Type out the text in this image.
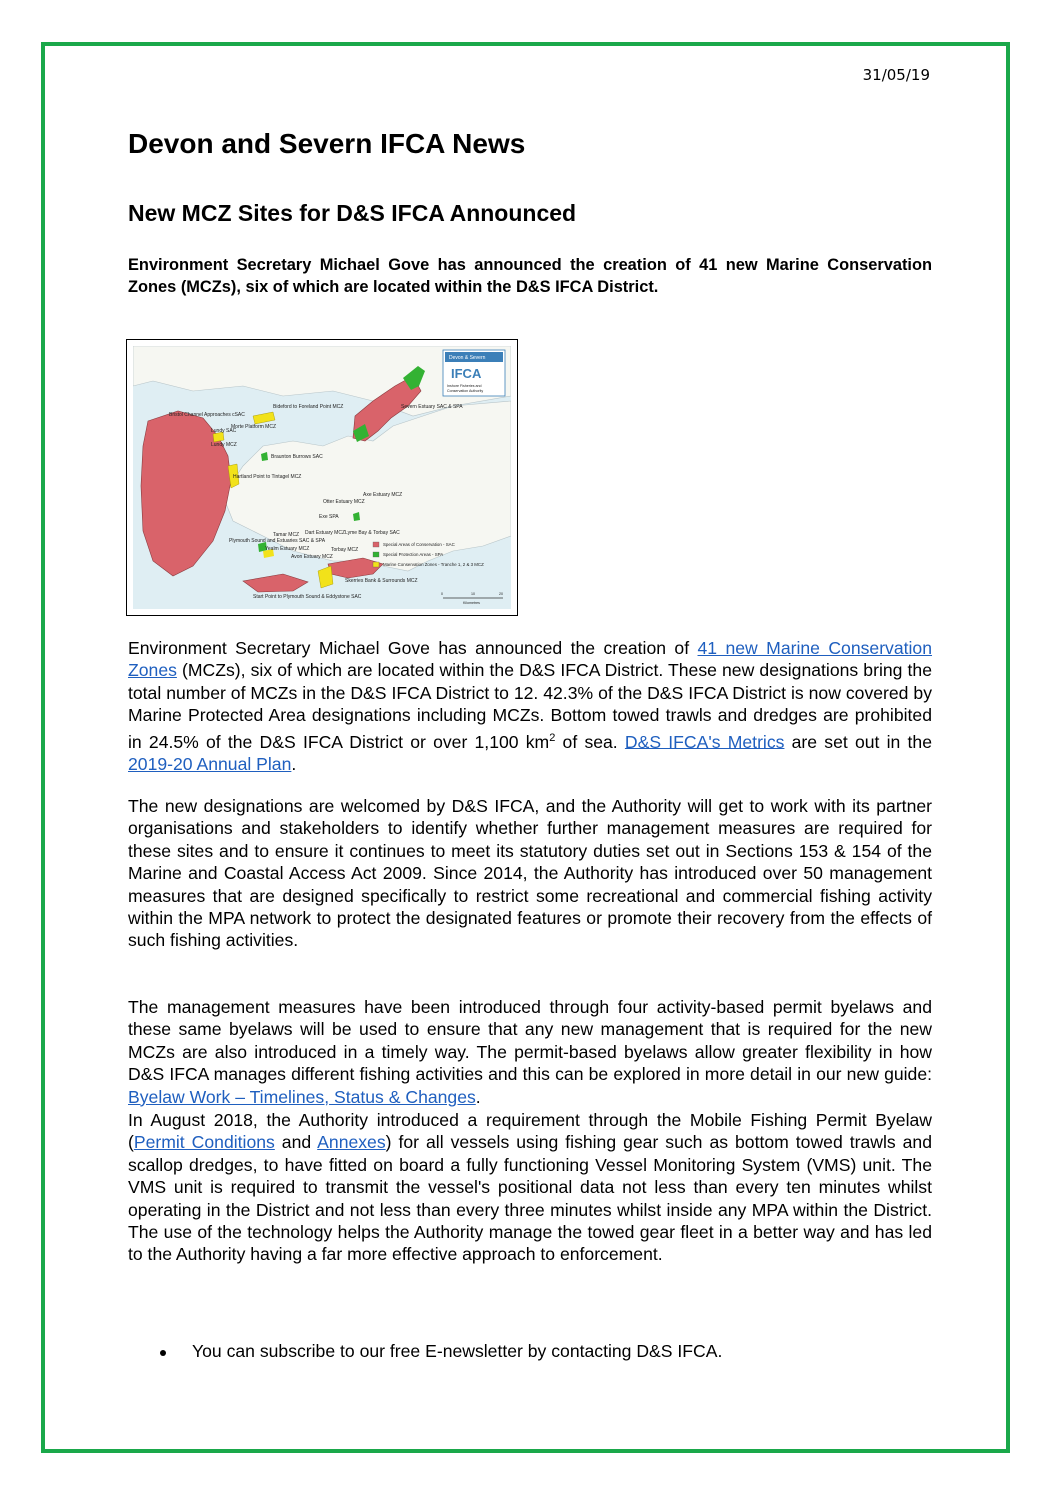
31/05/19
Devon and Severn IFCA News
New MCZ Sites for D&S IFCA Announced

Environment Secretary Michael Gove has announced the creation of 41 new Marine Conservation Zones (MCZs), six of which are located within the D&S IFCA District.

Devon & Severn
IFCA
Inshore Fisheries and
Conservation Authority
Bristol Channel Approaches cSAC
Lundy SAC
Lundy MCZ
Morte Platform MCZ
Bideford to Foreland Point MCZ
Braunton Burrows SAC
Severn Estuary SAC & SPA
Hartland Point to Tintagel MCZ
Otter Estuary MCZ
Axe Estuary MCZ
Exe SPA
Lyme Bay & Torbay SAC
Plymouth Sound and Estuaries SAC & SPA
Tamar MCZ
Yealm Estuary MCZ
Dart Estuary MCZ
Torbay MCZ
Avon Estuary MCZ
Skerries Bank & Surrounds MCZ
Start Point to Plymouth Sound & Eddystone SAC
Special Areas of Conservation - SAC
Special Protection Areas - SPA
Marine Conservation Zones - Tranche 1, 2 & 3 MCZ
0	10	20
Kilometres

Environment Secretary Michael Gove has announced the creation of 41 new Marine Conservation Zones (MCZs), six of which are located within the D&S IFCA District. These new designations bring the total number of MCZs in the D&S IFCA District to 12. 42.3% of the D&S IFCA District is now covered by Marine Protected Area designations including MCZs. Bottom towed trawls and dredges are prohibited in 24.5% of the D&S IFCA District or over 1,100 $km^2$ of sea. D&S IFCA's Metrics are set out in the 2019-20 Annual Plan.

The new designations are welcomed by D&S IFCA, and the Authority will get to work with its partner organisations and stakeholders to identify whether further management measures are required for these sites and to ensure it continues to meet its statutory duties set out in Sections 153 & 154 of the Marine and Coastal Access Act 2009. Since 2014, the Authority has introduced over 50 management measures that are designed specifically to restrict some recreational and commercial fishing activity within the MPA network to protect the designated features or promote their recovery from the effects of such fishing activities.

The management measures have been introduced through four activity-based permit byelaws and these same byelaws will be used to ensure that any new management that is required for the new MCZs are also introduced in a timely way. The permit-based byelaws allow greater flexibility in how D&S IFCA manages different fishing activities and this can be explored in more detail in our new guide: Byelaw Work – Timelines, Status & Changes.

In August 2018, the Authority introduced a requirement through the Mobile Fishing Permit Byelaw (Permit Conditions and Annexes) for all vessels using fishing gear such as bottom towed trawls and scallop dredges, to have fitted on board a fully functioning Vessel Monitoring System (VMS) unit. The VMS unit is required to transmit the vessel's positional data not less than every ten minutes whilst operating in the District and not less than every three minutes whilst inside any MPA within the District. The use of the technology helps the Authority manage the towed gear fleet in a better way and has led to the Authority having a far more effective approach to enforcement.

You can subscribe to our free E-newsletter by contacting D&S IFCA.
